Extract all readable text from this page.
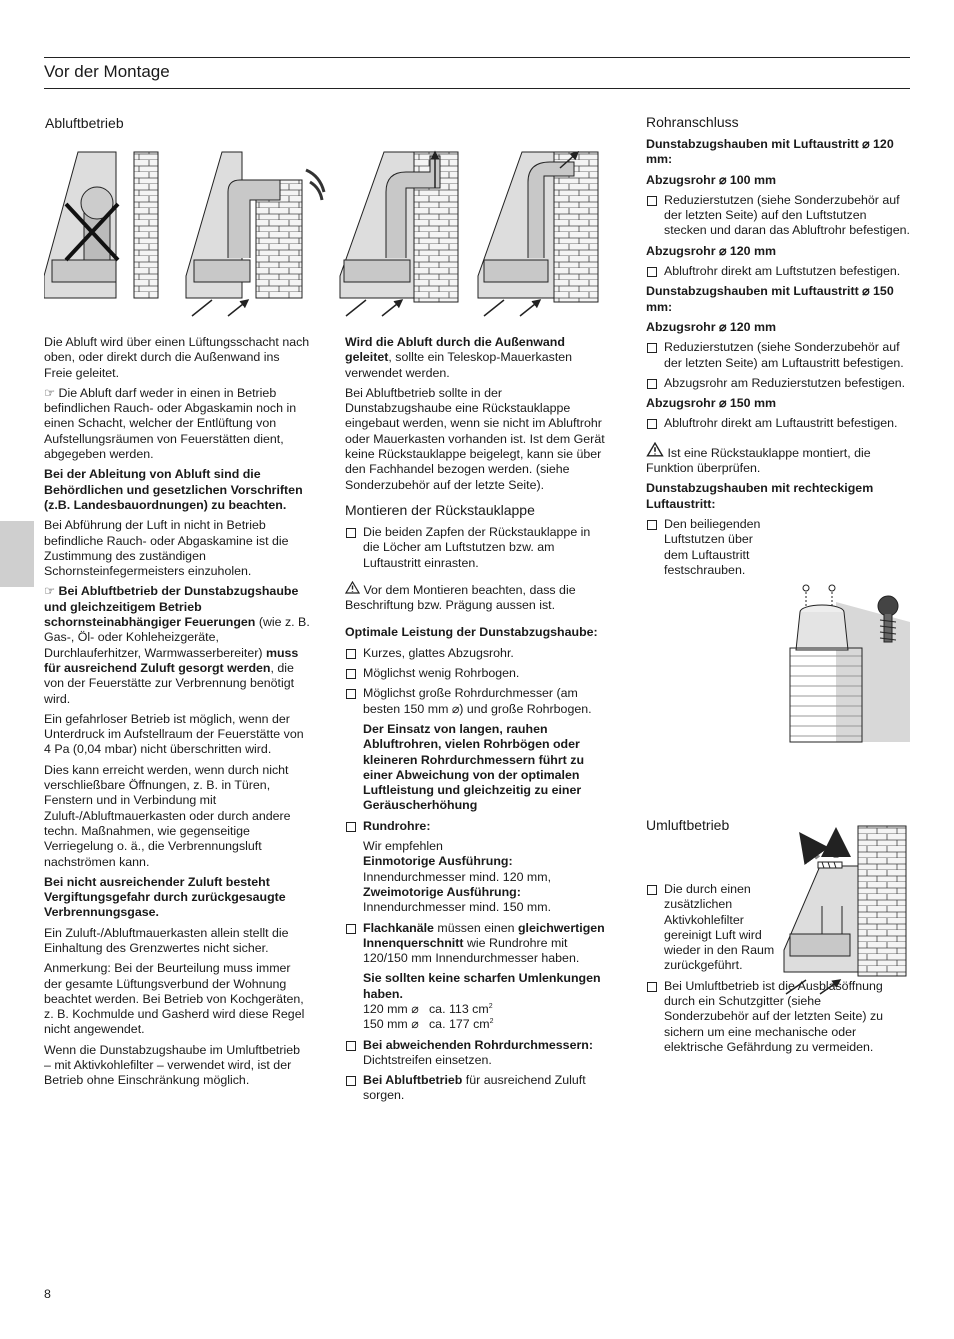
Vor der Montage
Abluftbetrieb

Die Abluft wird über einen Lüftungsschacht nach oben, oder direkt durch die Außenwand ins Freie geleitet.

☞ Die Abluft darf weder in einen in Betrieb befindlichen Rauch- oder Abgaskamin noch in einen Schacht, welcher der Entlüftung von Aufstellungsräumen von Feuerstätten dient, abgegeben werden.

Bei der Ableitung von Abluft sind die Behördlichen und gesetzlichen Vorschriften (z.B. Landesbauordnungen) zu beachten.

Bei Abführung der Luft in nicht in Betrieb befindliche Rauch- oder Abgaskamine ist die Zustimmung des zuständigen Schornsteinfegermeisters einzuholen.

☞ Bei Abluftbetrieb der Dunstabzugshaube und gleichzeitigem Betrieb schornsteinabhängiger Feuerungen (wie z. B. Gas-, Öl- oder Kohleheizgeräte, Durchlauferhitzer, Warmwasserbereiter) muss für ausreichend Zuluft gesorgt werden, die von der Feuerstätte zur Verbrennung benötigt wird.

Ein gefahrloser Betrieb ist möglich, wenn der Unterdruck im Aufstellraum der Feuerstätte von 4 Pa (0,04 mbar) nicht überschritten wird.

Dies kann erreicht werden, wenn durch nicht verschließbare Öffnungen, z. B. in Türen, Fenstern und in Verbindung mit Zuluft-/Abluftmauerkasten oder durch andere techn. Maßnahmen, wie gegenseitige Verriegelung o. ä., die Verbrennungsluft nachströmen kann.

Bei nicht ausreichender Zuluft besteht Vergiftungsgefahr durch zurückgesaugte Verbrennungsgase.

Ein Zuluft-/Abluftmauerkasten allein stellt die Einhaltung des Grenzwertes nicht sicher.

Anmerkung: Bei der Beurteilung muss immer der gesamte Lüftungsverbund der Wohnung beachtet werden. Bei Betrieb von Kochgeräten, z. B. Kochmulde und Gasherd wird diese Regel nicht angewendet.

Wenn die Dunstabzugshaube im Umluftbetrieb – mit Aktivkohlefilter – verwendet wird, ist der Betrieb ohne Einschränkung möglich.

Wird die Abluft durch die Außenwand geleitet, sollte ein Teleskop-Mauerkasten verwendet werden.

Bei Abluftbetrieb sollte in der Dunstabzugshaube eine Rückstauklappe eingebaut werden, wenn sie nicht im Abluftrohr oder Mauerkasten vorhanden ist. Ist dem Gerät keine Rückstauklappe beigelegt, kann sie über den Fachhandel bezogen werden. (siehe Sonderzubehör auf der letzte Seite).

Montieren der Rückstauklappe

Die beiden Zapfen der Rückstauklappe in die Löcher am Luftstutzen bzw. am Luftaustritt einrasten.

Vor dem Montieren beachten, dass die Beschriftung bzw. Prägung aussen ist.

Optimale Leistung der Dunstabzugshaube:

Kurzes, glattes Abzugsrohr.

Möglichst wenig Rohrbogen.

Möglichst große Rohrdurchmesser (am besten 150 mm ⌀) und große Rohrbogen.

Der Einsatz von langen, rauhen Abluftrohren, vielen Rohrbögen oder kleineren Rohrdurchmessern führt zu einer Abweichung von der optimalen Luftleistung und gleichzeitig zu einer Geräuscherhöhung

Rundrohre:

Wir empfehlen
Einmotorige Ausführung:
Innendurchmesser mind. 120 mm,
Zweimotorige Ausführung:
Innendurchmesser mind. 150 mm.

Flachkanäle müssen einen gleichwertigen Innenquerschnitt wie Rundrohre mit 120/150 mm Innendurchmesser haben.

Sie sollten keine scharfen Umlenkungen haben.
120 mm ⌀   ca. 113 $cm^2$
150 mm ⌀   ca. 177 $cm^2$

Bei abweichenden Rohrdurchmessern: Dichtstreifen einsetzen.

Bei Abluftbetrieb für ausreichend Zuluft sorgen.

Rohranschluss

Dunstabzugshauben mit Luftaustritt ⌀ 120 mm:

Abzugsrohr ⌀ 100 mm

Reduzierstutzen (siehe Sonderzubehör auf der letzten Seite) auf den Luftstutzen stecken und daran das Abluftrohr befestigen.

Abzugsrohr ⌀ 120 mm

Abluftrohr direkt am Luftstutzen befestigen.

Dunstabzugshauben mit Luftaustritt ⌀ 150 mm:

Abzugsrohr ⌀ 120 mm

Reduzierstutzen (siehe Sonderzubehör auf der letzten Seite) am Luftaustritt befestigen.

Abzugsrohr am Reduzierstutzen befestigen.

Abzugsrohr ⌀ 150 mm

Abluftrohr direkt am Luftaustritt befestigen.

Ist eine Rückstauklappe montiert, die Funktion überprüfen.

Dunstabzugshauben mit rechteckigem Luftaustritt:

Den beiliegenden Luftstutzen über dem Luftaustritt festschrauben.

Umluftbetrieb

Die durch einen zusätzlichen Aktivkohlefilter gereinigt Luft wird wieder in den Raum zurückgeführt.

Bei Umluftbetrieb ist die Ausblasöffnung durch ein Schutzgitter (siehe Sonderzubehör auf der letzten Seite) zu sichern um eine mechanische oder elektrische Gefährdung zu vermeiden.

8
